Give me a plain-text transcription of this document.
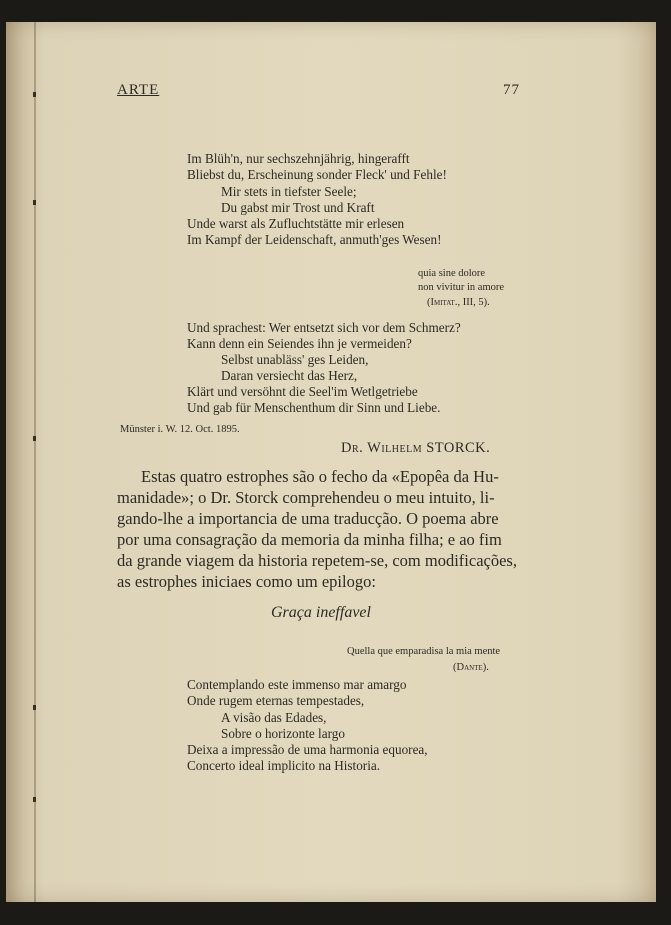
ARTE	77
Im Blüh'n, nur sechszehnjährig, hingerafft
Bliebst du, Erscheinung sonder Fleck' und Fehle!
Mir stets in tiefster Seele;
Du gabst mir Trost und Kraft
Unde warst als Zufluchtstätte mir erlesen
Im Kampf der Leidenschaft, anmuth'ges Wesen!
quia sine dolore
non vivitur in amore
(Imitat., III, 5).
Und sprachest: Wer entsetzt sich vor dem Schmerz?
Kann denn ein Seiendes ihn je vermeiden?
Selbst unabläss' ges Leiden,
Daran versiecht das Herz,
Klärt und versöhnt die Seel'im Wetlgetriebe
Und gab für Menschenthum dir Sinn und Liebe.
Münster i. W. 12. Oct. 1895.
Dr. Wilhelm STORCK.
Estas quatro estrophes são o fecho da «Epopêa da Hu-
manidade»; o Dr. Storck comprehendeu o meu intuito, li-
gando-lhe a importancia de uma traducção. O poema abre
por uma consagração da memoria da minha filha; e ao fim
da grande viagem da historia repetem-se, com modificações,
as estrophes iniciaes como um epilogo:
Graça ineffavel
Quella que emparadisa la mia mente
(Dante).
Contemplando este immenso mar amargo
Onde rugem eternas tempestades,
A visão das Edades,
Sobre o horizonte largo
Deixa a impressão de uma harmonia equorea,
Concerto ideal implicito na Historia.
